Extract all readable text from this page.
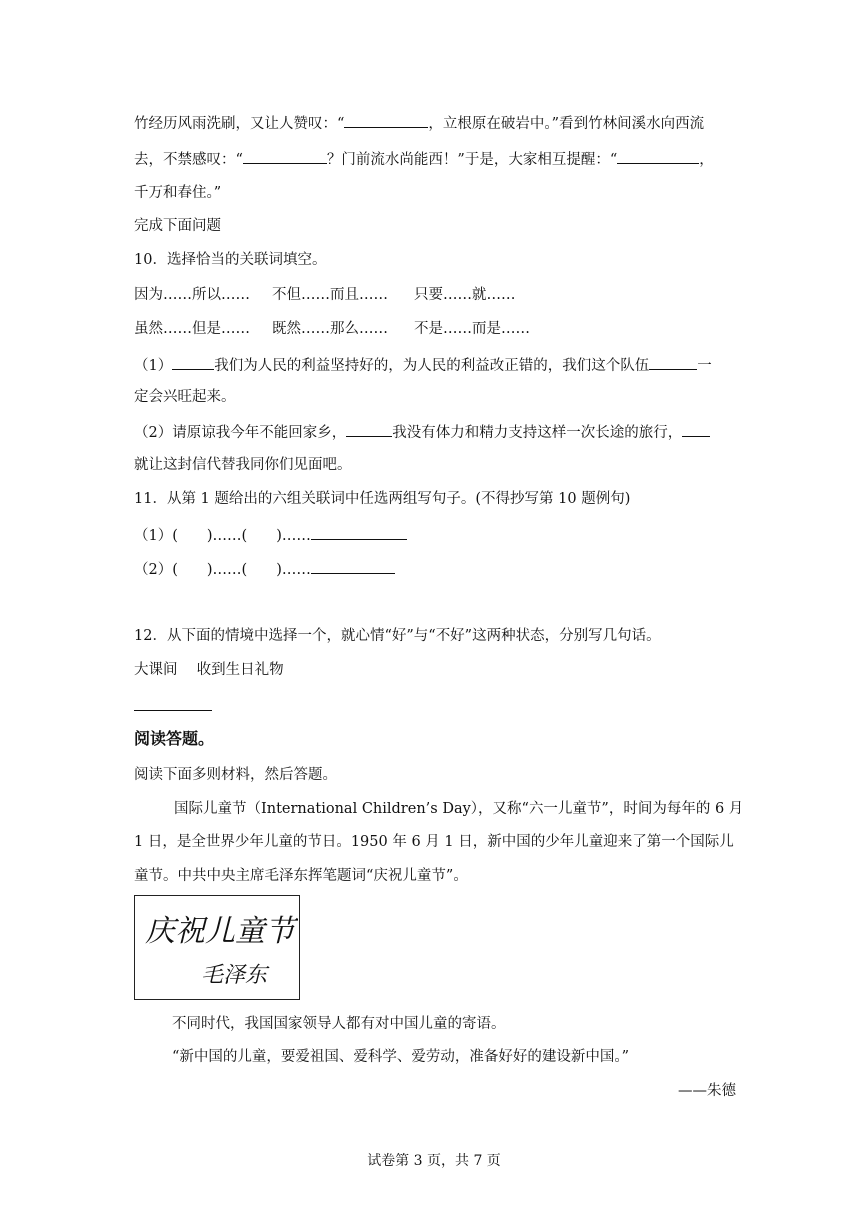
竹经历风雨洗刷，又让人赞叹：“	，立根原在破岩中。”看到竹林间溪水向西流
去，不禁感叹：“	？门前流水尚能西！”于是，大家相互提醒：“	，
千万和春住。”
完成下面问题
10．选择恰当的关联词填空。
因为……所以…… 不但……而且…… 只要……就……
虽然……但是…… 既然……那么…… 不是……而是……
（1）	我们为人民的利益坚持好的，为人民的利益改正错的，我们这个队伍	一
定会兴旺起来。
（2）请原谅我今年不能回家乡，	我没有体力和精力支持这样一次长途的旅行，
就让这封信代替我同你们见面吧。
11．从第 1 题给出的六组关联词中任选两组写句子。(不得抄写第 10 题例句)
（1）(　　)……(　　)……
（2）(　　)……(　　)……
12．从下面的情境中选择一个，就心情“好”与“不好”这两种状态，分别写几句话。
大课间　 收到生日礼物
阅读答题。
阅读下面多则材料，然后答题。
国际儿童节（International Children’s Day），又称“六一儿童节”，时间为每年的 6 月
1 日，是全世界少年儿童的节日。1950 年 6 月 1 日，新中国的少年儿童迎来了第一个国际儿
童节。中共中央主席毛泽东挥笔题词“庆祝儿童节”。
庆祝儿童节
毛泽东
不同时代，我国国家领导人都有对中国儿童的寄语。
“新中国的儿童，要爱祖国、爱科学、爱劳动，准备好好的建设新中国。”
——朱德
试卷第 3 页，共 7 页
